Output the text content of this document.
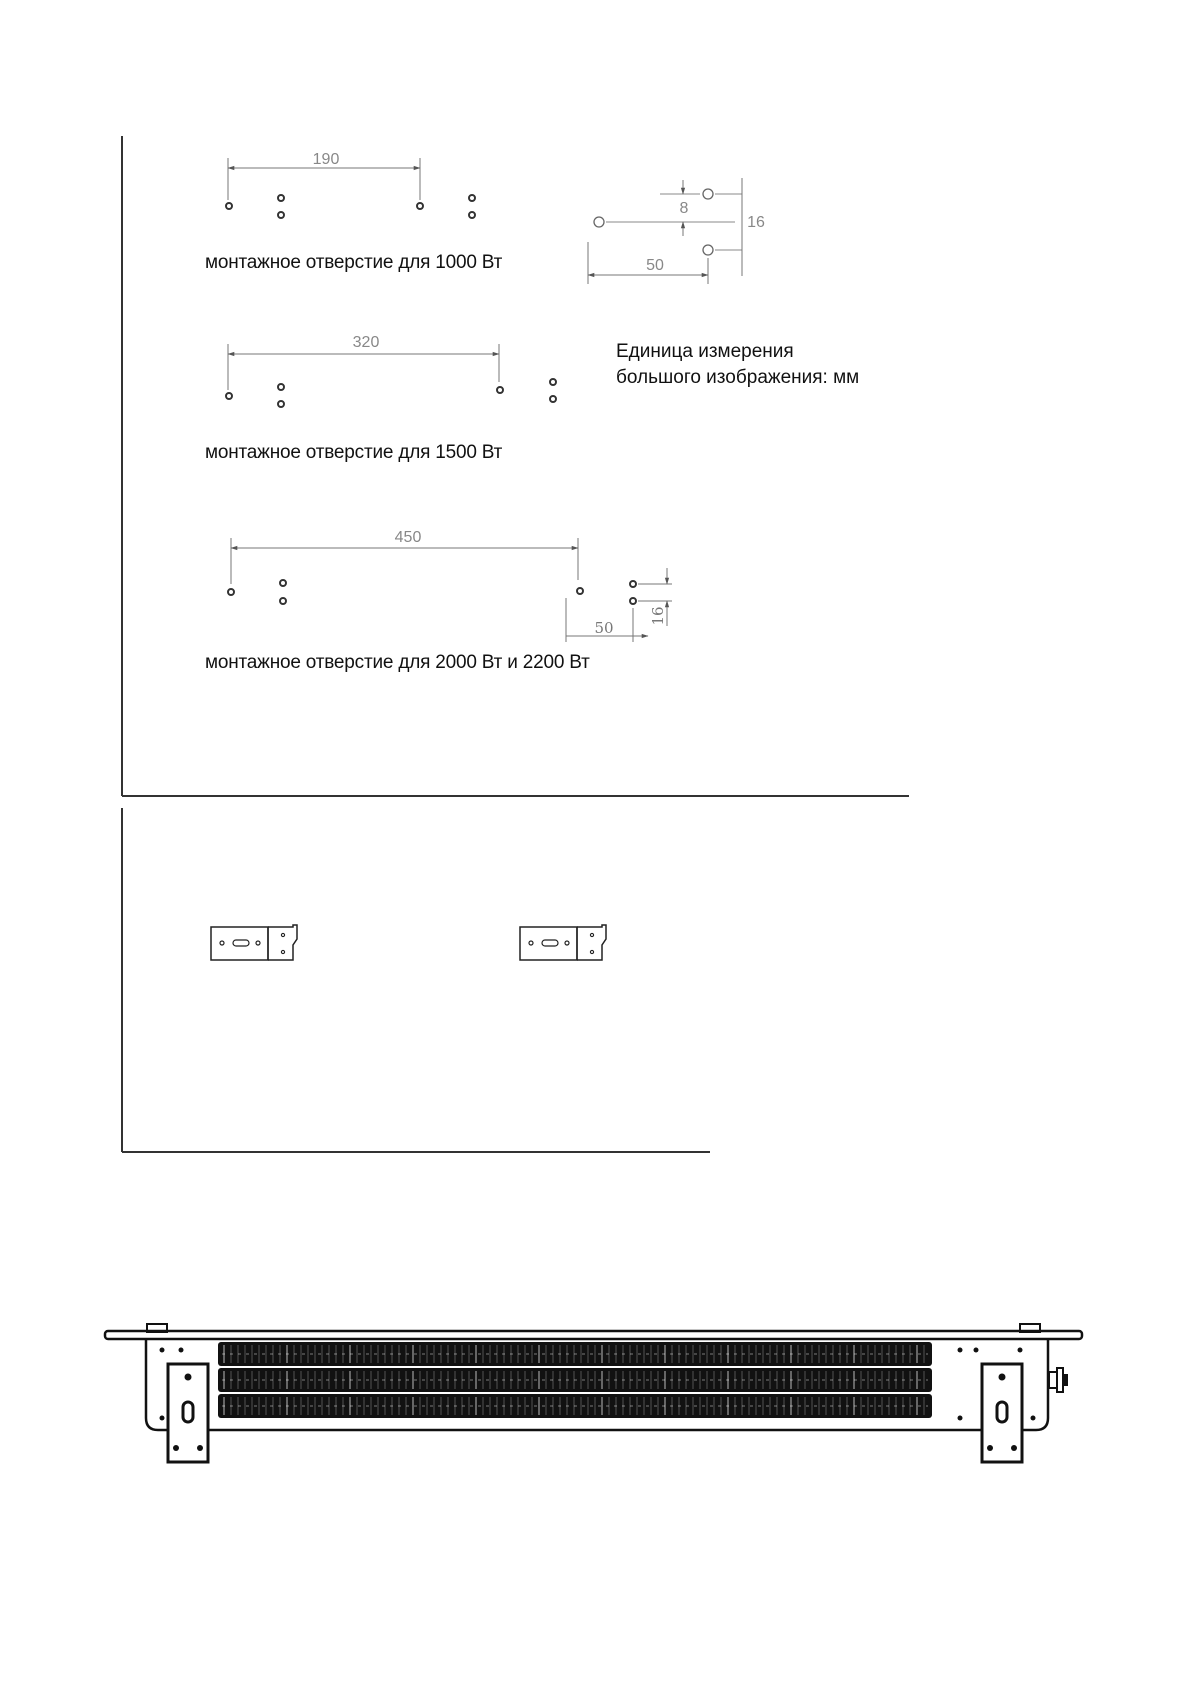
190
8
16
50
320
450
50
16
монтажное отверстие для 1000 Вт
монтажное отверстие для 1500 Вт
монтажное отверстие для 2000 Вт и 2200 Вт
Единица измерения
большого изображения: мм
